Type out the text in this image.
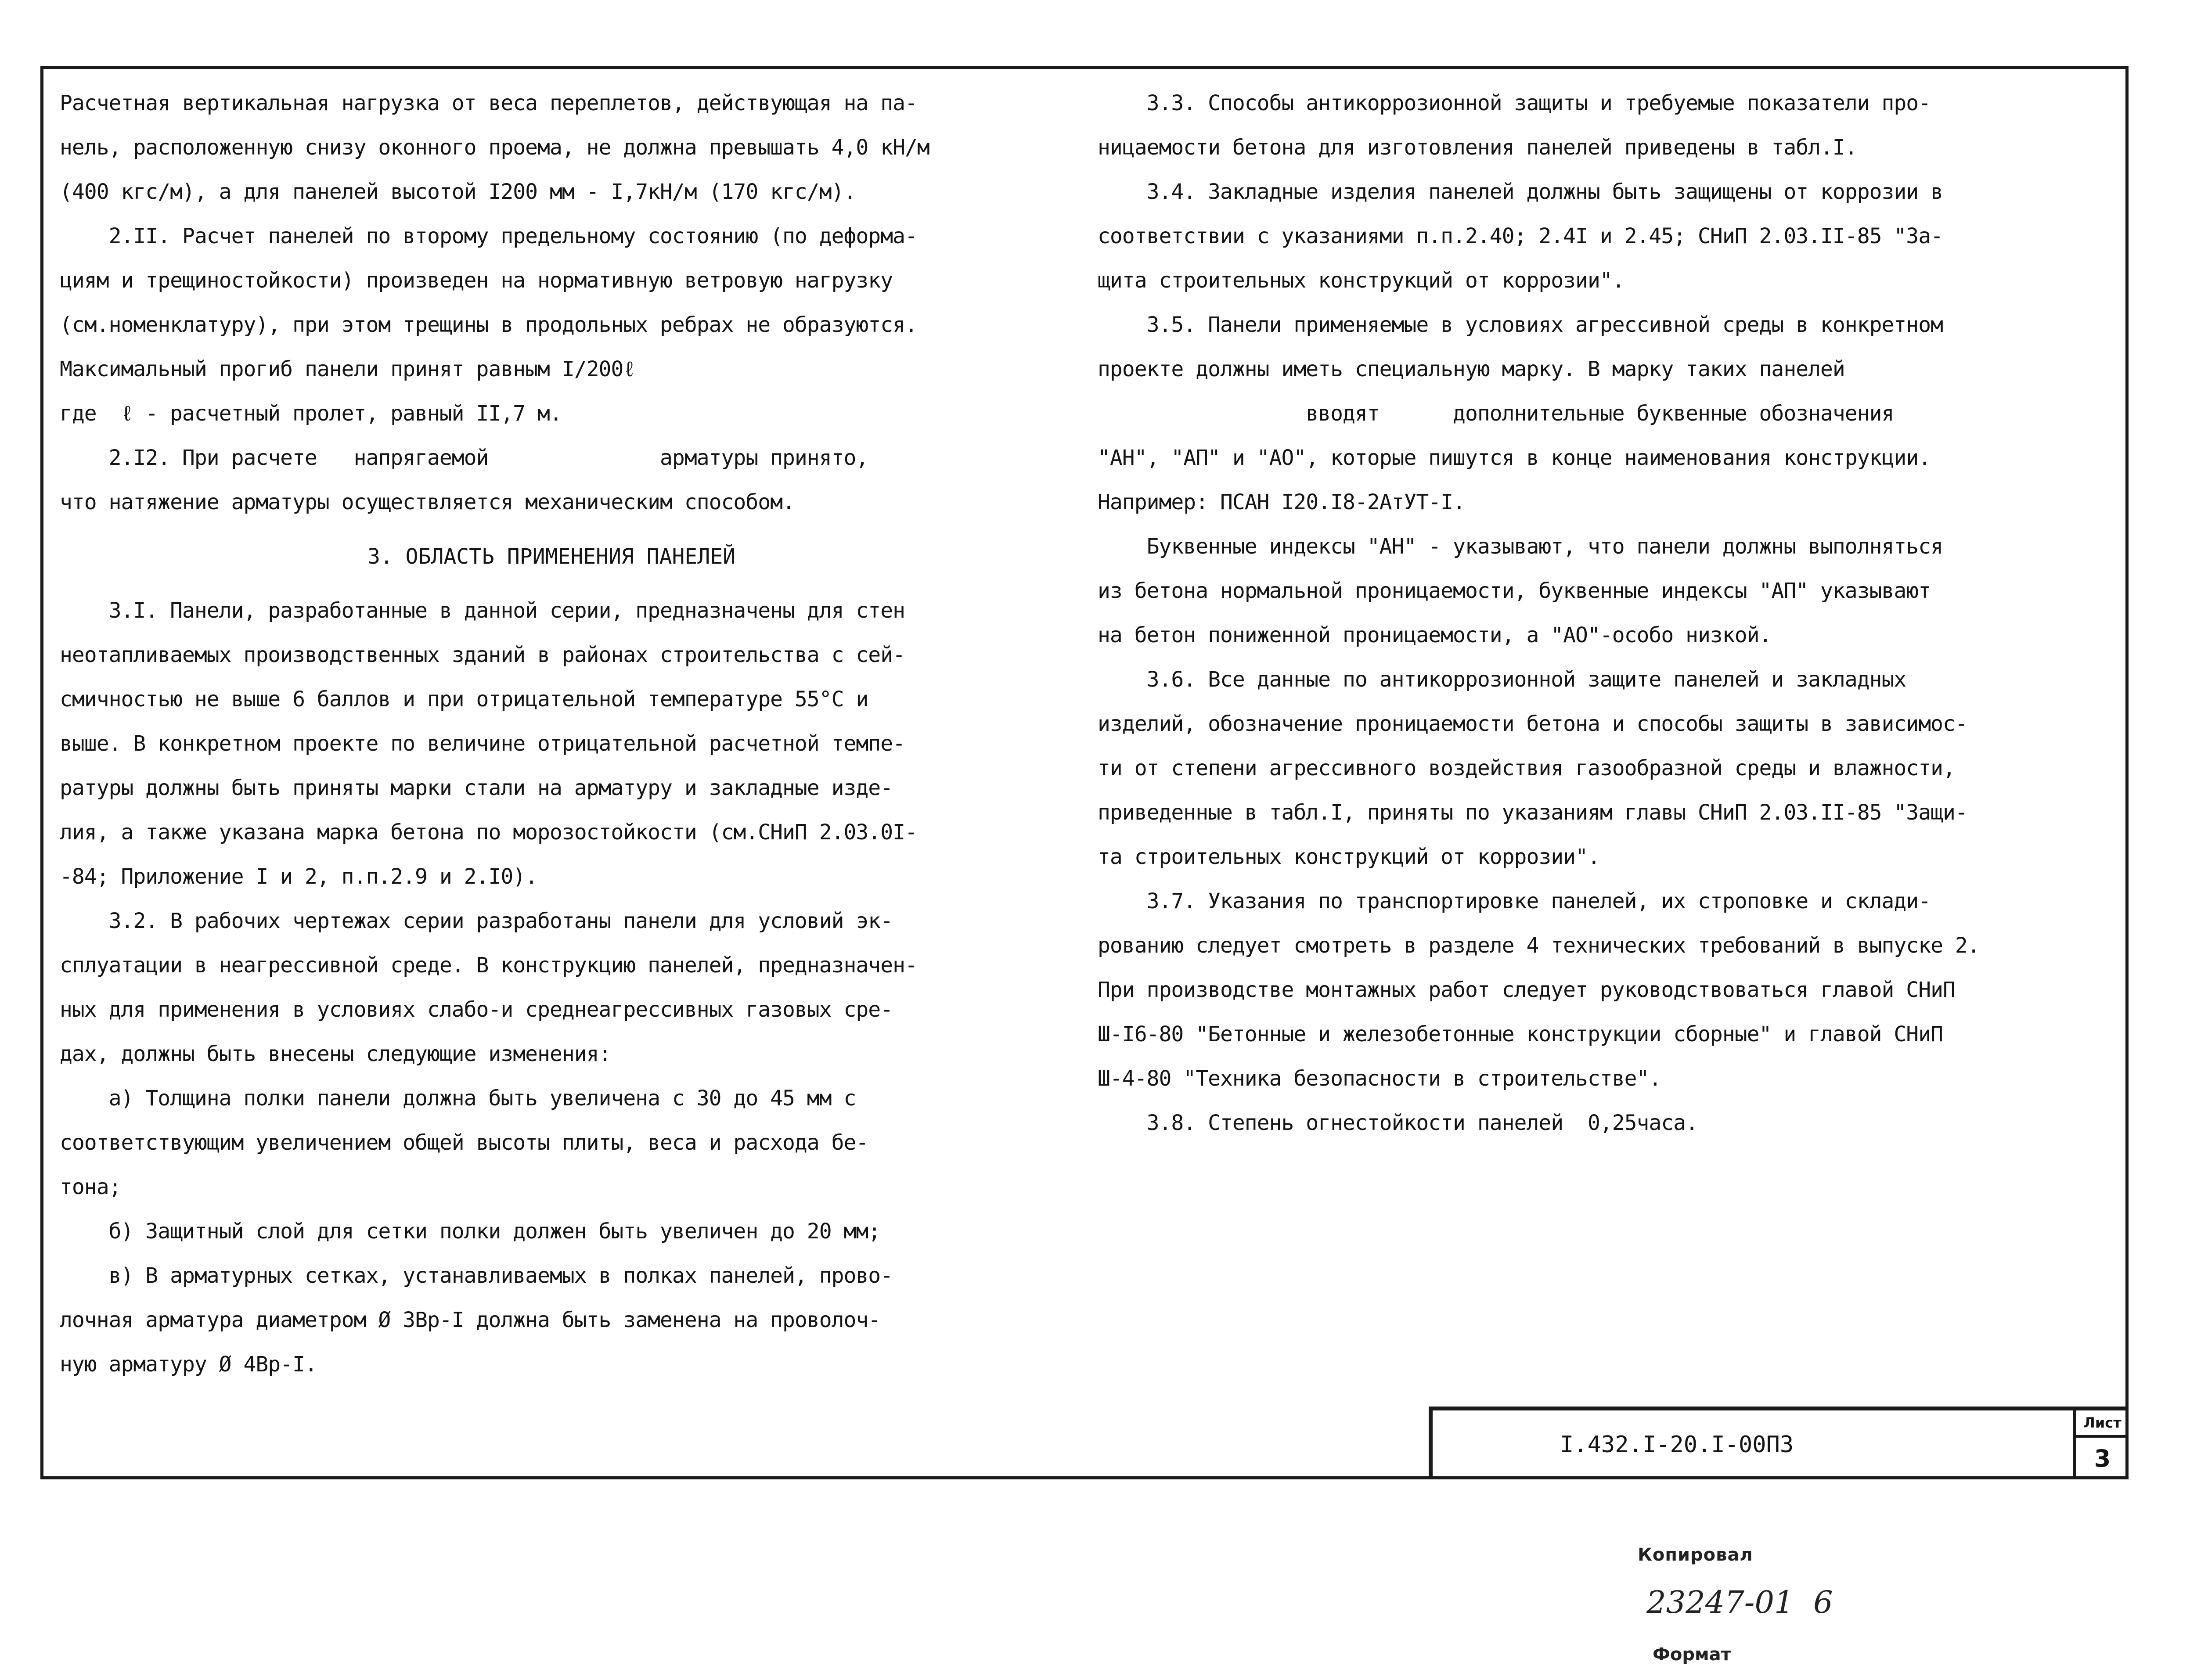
Расчетная вертикальная нагрузка от веса переплетов, действующая на па-
нель, расположенную снизу оконного проема, не должна превышать 4,0 кН/м
(400 кгс/м), а для панелей высотой I200 мм - I,7кН/м (170 кгс/м).
2.II. Расчет панелей по второму предельному состоянию (по деформа-
циям и трещиностойкости) произведен на нормативную ветровую нагрузку
(см.номенклатуру), при этом трещины в продольных ребрах не образуются.
Максимальный прогиб панели принят равным I/200ℓ
где  ℓ - расчетный пролет, равный II,7 м.
2.I2. При расчете   напрягаемой              арматуры принято,
что натяжение арматуры осуществляется механическим способом.
3. ОБЛАСТЬ ПРИМЕНЕНИЯ ПАНЕЛЕЙ
3.I. Панели, разработанные в данной серии, предназначены для стен
неотапливаемых производственных зданий в районах строительства с сей-
смичностью не выше 6 баллов и при отрицательной температуре 55°С и
выше. В конкретном проекте по величине отрицательной расчетной темпе-
ратуры должны быть приняты марки стали на арматуру и закладные изде-
лия, а также указана марка бетона по морозостойкости (см.СНиП 2.03.0I-
-84; Приложение I и 2, п.п.2.9 и 2.I0).
3.2. В рабочих чертежах серии разработаны панели для условий эк-
сплуатации в неагрессивной среде. В конструкцию панелей, предназначен-
ных для применения в условиях слабо-и среднеагрессивных газовых сре-
дах, должны быть внесены следующие изменения:
а) Толщина полки панели должна быть увеличена с 30 до 45 мм с
соответствующим увеличением общей высоты плиты, веса и расхода бе-
тона;
б) Защитный слой для сетки полки должен быть увеличен до 20 мм;
в) В арматурных сетках, устанавливаемых в полках панелей, прово-
лочная арматура диаметром Ø 3Вр-I должна быть заменена на проволоч-
ную арматуру Ø 4Вр-I.
3.3. Способы антикоррозионной защиты и требуемые показатели про-
ницаемости бетона для изготовления панелей приведены в табл.I.
3.4. Закладные изделия панелей должны быть защищены от коррозии в
соответствии с указаниями п.п.2.40; 2.4I и 2.45; СНиП 2.03.II-85 "За-
щита строительных конструкций от коррозии".
3.5. Панели применяемые в условиях агрессивной среды в конкретном
проекте должны иметь специальную марку. В марку таких панелей
вводят      дополнительные буквенные обозначения
"АН", "АП" и "АО", которые пишутся в конце наименования конструкции.
Например: ПСАН I20.I8-2АтУТ-I.
Буквенные индексы "АН" - указывают, что панели должны выполняться
из бетона нормальной проницаемости, буквенные индексы "АП" указывают
на бетон пониженной проницаемости, а "АО"-особо низкой.
3.6. Все данные по антикоррозионной защите панелей и закладных
изделий, обозначение проницаемости бетона и способы защиты в зависимос-
ти от степени агрессивного воздействия газообразной среды и влажности,
приведенные в табл.I, приняты по указаниям главы СНиП 2.03.II-85 "Защи-
та строительных конструкций от коррозии".
3.7. Указания по транспортировке панелей, их строповке и склади-
рованию следует смотреть в разделе 4 технических требований в выпуске 2.
При производстве монтажных работ следует руководствоваться главой СНиП
Ш-I6-80 "Бетонные и железобетонные конструкции сборные" и главой СНиП
Ш-4-80 "Техника безопасности в строительстве".
3.8. Степень огнестойкости панелей  0,25часа.
I.432.I-20.I-00ПЗ
Лист
3

Копировал
23247-01  6
Формат
